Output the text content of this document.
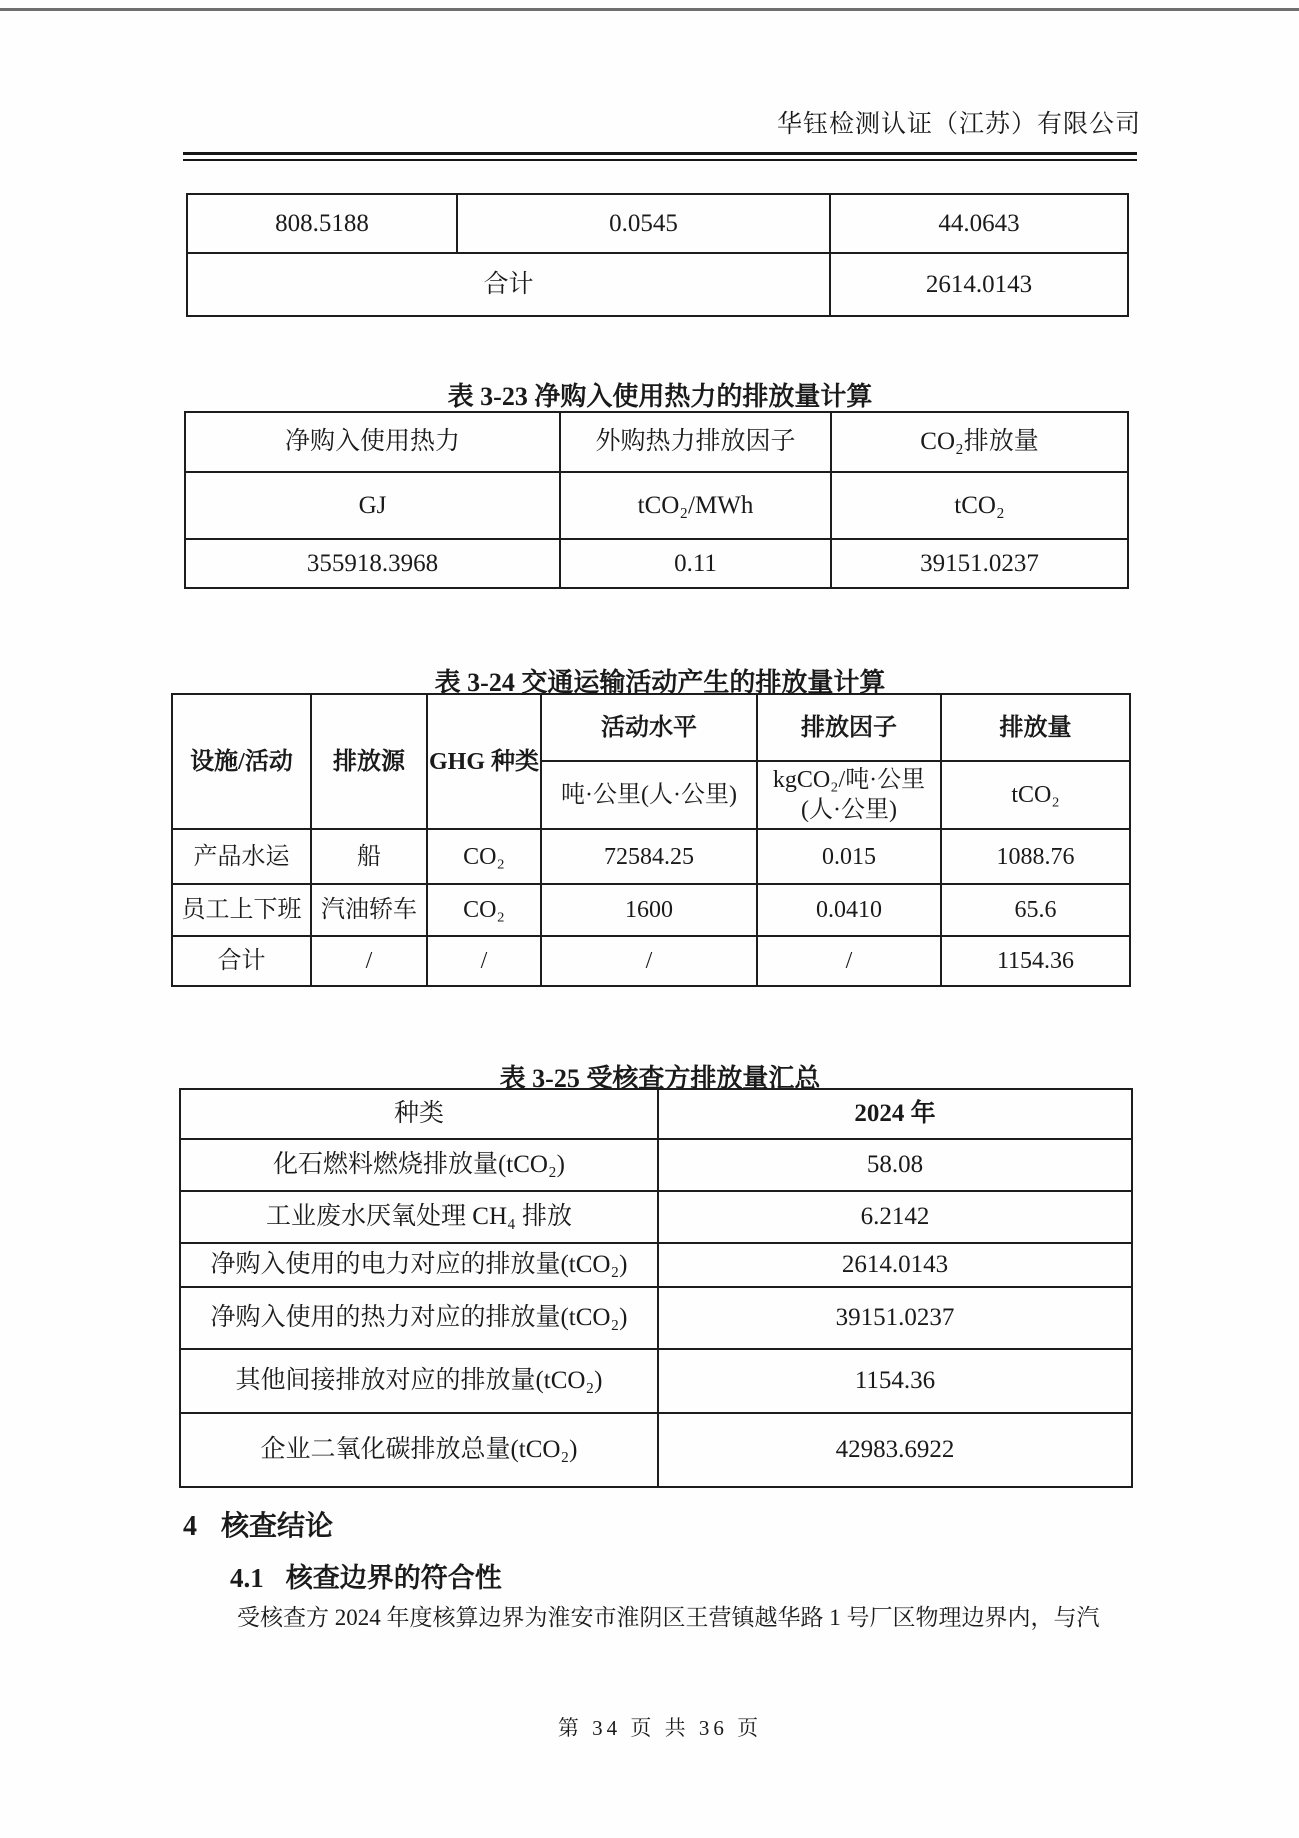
华钰检测认证（江苏）有限公司
808.5188	0.0545	44.0643
合计		2614.0143
表 3-23 净购入使用热力的排放量计算
净购入使用热力	外购热力排放因子	CO₂排放量
GJ	tCO₂/MWh	tCO₂
355918.3968	0.11	39151.0237
表 3-24 交通运输活动产生的排放量计算
设施/活动	排放源	GHG 种类	活动水平	排放因子	排放量
			吨·公里(人·公里)	kgCO₂/吨·公里(人·公里)	tCO₂
产品水运	船	CO₂	72584.25	0.015	1088.76
员工上下班	汽油轿车	CO₂	1600	0.0410	65.6
合计	/	/	/	/	1154.36
表 3-25 受核查方排放量汇总
种类	2024 年
化石燃料燃烧排放量(tCO₂)	58.08
工业废水厌氧处理 CH₄ 排放	6.2142
净购入使用的电力对应的排放量(tCO₂)	2614.0143
净购入使用的热力对应的排放量(tCO₂)	39151.0237
其他间接排放对应的排放量(tCO₂)	1154.36
企业二氧化碳排放总量(tCO₂)	42983.6922
4 核查结论
4.1 核查边界的符合性
受核查方 2024 年度核算边界为淮安市淮阴区王营镇越华路 1 号厂区物理边界内，与汽
第 34 页 共 36 页
